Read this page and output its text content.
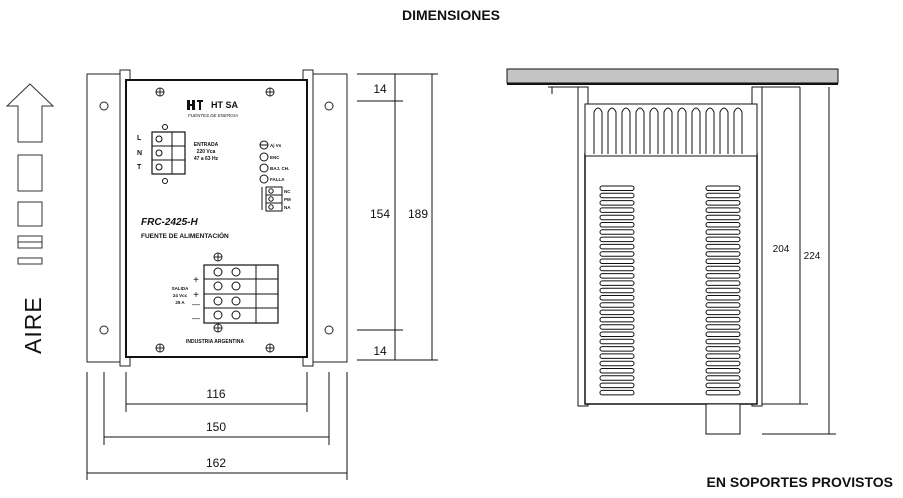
DIMENSIONES
AIRE
HT SA
FUENTES DE ENERGIA
L
N
T
ENTRADA
220 Vca
47 a 63 Hz
Aj Vs
ENC
BAJ. CH.
FALLA
NC
PM
NA
FRC-2425-H
FUENTE DE ALIMENTACIÓN
+
+
—
—
SALIDA
24 Vcc
25 A
INDUSTRIA ARGENTINA
116
150
162
14
14
154 189
204
224
EN SOPORTES PROVISTOS
